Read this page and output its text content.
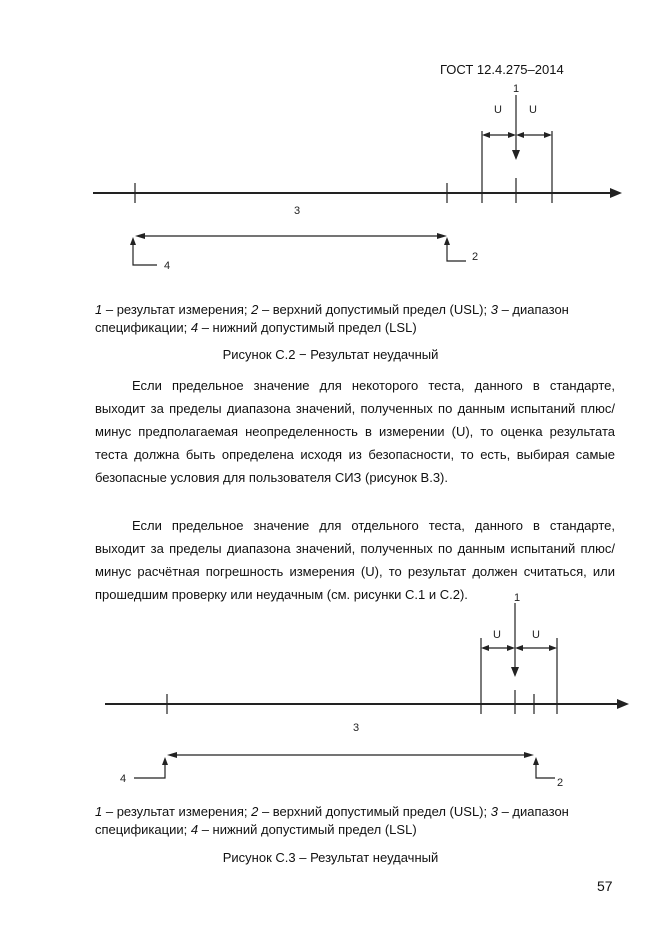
ГОСТ 12.4.275–2014
1
U U
3
4
2
1 – результат измерения; 2 – верхний допустимый предел (USL); 3 – диапазон спецификации; 4 – нижний допустимый предел (LSL)
Рисунок С.2 − Результат неудачный

Если предельное значение для некоторого теста, данного в стандарте, выходит за пределы диапазона значений, полученных по данным испытаний плюс/минус предполагаемая неопределенность в измерении (U), то оценка результата теста должна быть определена исходя из безопасности, то есть, выбирая самые безопасные условия для пользователя СИЗ (рисунок В.3).

Если предельное значение для отдельного теста, данного в стандарте, выходит за пределы диапазона значений, полученных по данным испытаний плюс/минус расчётная погрешность измерения (U), то результат должен считаться, или прошедшим проверку или неудачным (см. рисунки С.1 и С.2).	1
U	U
3
4	2
1 – результат измерения; 2 – верхний допустимый предел (USL); 3 – диапазон спецификации; 4 – нижний допустимый предел (LSL)
Рисунок С.3 – Результат неудачный
57
